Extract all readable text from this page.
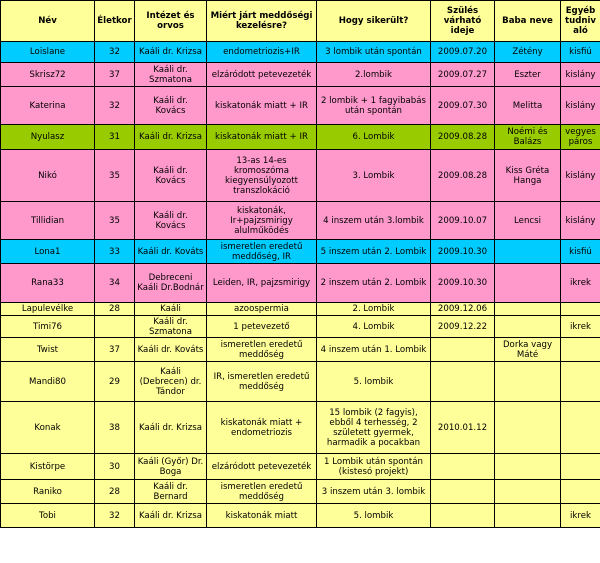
Név	Életkor	Intézet és orvos	Miért járt meddőségi kezelésre?	Hogy sikerült?	Szülés várható ideje	Baba neve	Egyéb tudnivaló
Loislane	32	Kaáli dr. Krizsa	endometriozis+IR	3 lombik után spontán	2009.07.20	Zétény	kisfiú
Skrisz72	37	Kaáli dr. Szmatona	elzáródott petevezeték	2.lombik	2009.07.27	Eszter	kislány
Katerina	32	Kaáli dr. Kovács	kiskatonák miatt + IR	2 lombik + 1 fagyibabás után spontán	2009.07.30	Melitta	kislány
Nyulasz	31	Kaáli dr. Krizsa	kiskatonák miatt + IR	6. Lombik	2009.08.28	Noémi és Balázs	vegyespáros
Nikó	35	Kaáli dr. Kovács	13-as 14-es kromoszóma kiegyensúlyozott transzlokáció	3. Lombik	2009.08.28	Kiss Gréta Hanga	kislány
Tillidian	35	Kaáli dr. Kovács	kiskatonák, Ir+pajzsmirigy alulműködés	4 inszem után 3.lombik	2009.10.07	Lencsi	kislány
Lona1	33	Kaáli dr. Kováts	ismeretlen eredetű meddőség, IR	5 inszem után 2. Lombik	2009.10.30		kisfiú
Rana33	34	Debreceni Kaáli Dr.Bodnár	Leiden, IR, pajzsmirigy	2 inszem után 2. Lombik	2009.10.30		ikrek
Lapulevélke	28	Kaáli	azoospermia	2. Lombik	2009.12.06		
Timi76		Kaáli dr. Szmatona	1 petevezető	4. Lombik	2009.12.22		ikrek
Twist	37	Kaáli dr. Kováts	ismeretlen eredetű meddőség	4 inszem után 1. Lombik		Dorka vagy Máté	
Mandi80	29	Kaáli (Debrecen) dr. Tándor	IR, ismeretlen eredetű meddőség	5. lombik			
Konak	38	Kaáli dr. Krizsa	kiskatonák miatt + endometriozis	15 lombik (2 fagyis), ebből 4 terhesség, 2 született gyermek, harmadik a pocakban	2010.01.12		
Kistörpe	30	Kaáli (Győr) Dr. Boga	elzáródott petevezeték	1 Lombik után spontán (kistesó projekt)			
Raniko	28	Kaáli dr. Bernard	ismeretlen eredetű meddőség	3 inszem után 3. lombik			
Tobi	32	Kaáli dr. Krizsa	kiskatonák miatt	5. lombik			ikrek
